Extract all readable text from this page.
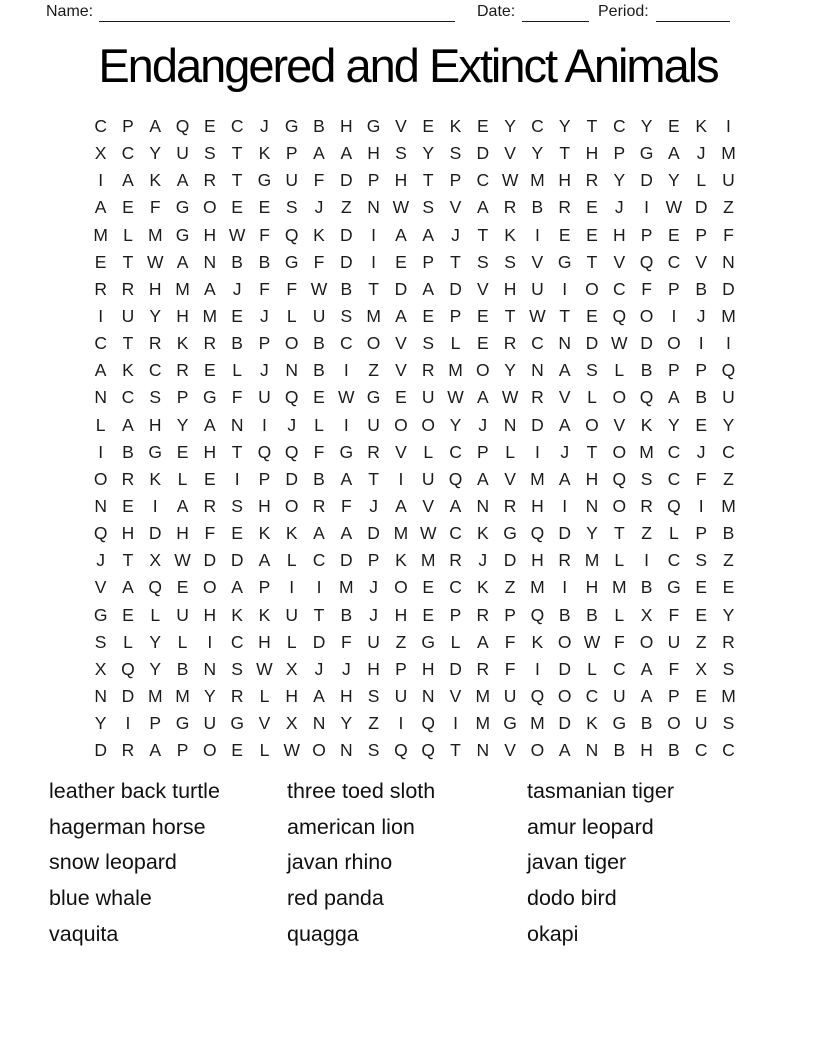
Name:	Date:	Period:
Endangered and Extinct Animals
C P A Q E C J G B H G V E K E Y C Y T C Y E K	I
X C Y U S T K P A A H S Y S D V Y T H P G A J M
I	A K A R T G U F D P H T P C W M H R Y D Y L U
A E F G O E E S J	Z N W S V A R B R E J	I W D Z
M L M G H W F Q K D	I	A A J	T K	I	E E H P E P F
E T W A N B B G F D	I	E P T S S V G T V Q C V N
R R H M A J	F F W B T D A D V H U	I	O C F P B D
I	U Y H M E J	L U S M A E P E T W T E Q O	I	J M
C T R K R B P O B C O V S L E R C N D W D O	I	I
A K C R E L	J N B	I	Z V R M O Y N A S L B P P Q
N C S P G F U Q E W G E U W A W R V L O Q A B U
L A H Y A N	I	J	L	I	U O O Y J N D A O V K Y E Y
I	B G E H T Q Q F G R V L C P L	I	J	T O M C J C
O R K L E	I	P D B A T	I	U Q A V M A H Q S C F Z
N E	I	A R S H O R F	J A V A N R H	I	N O R Q	I	M
Q H D H F E K K A A D M W C K G Q D Y T Z L P B
J	T X W D D A L C D P K M R J D H R M L	I	C S Z
V A Q E O A P	I	I	M J O E C K Z M	I	H M B G E E
G E L U H K K U T B J H E P R P Q B B L X F E Y
S L Y L	I	C H L D F U Z G L A F K O W F O U Z R
X Q Y B N S W X J	J H P H D R F	I	D L C A F X S
N D M M Y R L H A H S U N V M U Q O C U A P E M
Y	I	P G U G V X N Y Z	I	Q	I	M G M D K G B O U S
D R A P O E L W O N S Q Q T N V O A N B H B C C
leather back turtle
hagerman horse
snow leopard
blue whale
vaquita
three toed sloth
american lion
javan rhino
red panda
quagga
tasmanian tiger
amur leopard
javan tiger
dodo bird
okapi
